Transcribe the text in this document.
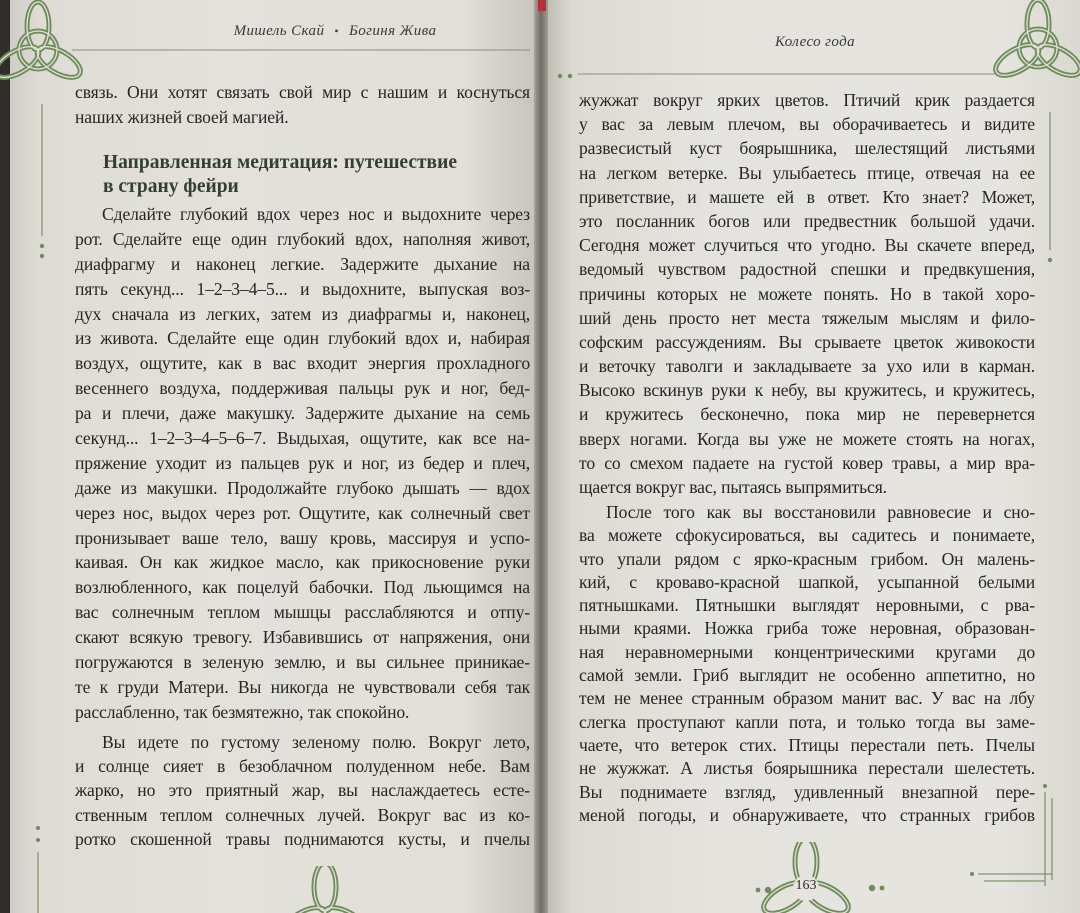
Мишель Скай • Богиня Жива
Колесо года
связь. Они хотят связать свой мир с нашим и коснуться
наших жизней своей магией.
Направленная медитация: путешествие
в страну фейри
Сделайте глубокий вдох через нос и выдохните через
рот. Сделайте еще один глубокий вдох, наполняя живот,
диафрагму и наконец легкие. Задержите дыхание на
пять секунд... 1–2–3–4–5... и выдохните, выпуская воз-
дух сначала из легких, затем из диафрагмы и, наконец,
из живота. Сделайте еще один глубокий вдох и, набирая
воздух, ощутите, как в вас входит энергия прохладного
весеннего воздуха, поддерживая пальцы рук и ног, бед-
ра и плечи, даже макушку. Задержите дыхание на семь
секунд... 1–2–3–4–5–6–7. Выдыхая, ощутите, как все на-
пряжение уходит из пальцев рук и ног, из бедер и плеч,
даже из макушки. Продолжайте глубоко дышать — вдох
через нос, выдох через рот. Ощутите, как солнечный свет
пронизывает ваше тело, вашу кровь, массируя и успо-
каивая. Он как жидкое масло, как прикосновение руки
возлюбленного, как поцелуй бабочки. Под льющимся на
вас солнечным теплом мышцы расслабляются и отпу-
скают всякую тревогу. Избавившись от напряжения, они
погружаются в зеленую землю, и вы сильнее приникае-
те к груди Матери. Вы никогда не чувствовали себя так
расслабленно, так безмятежно, так спокойно.
Вы идете по густому зеленому полю. Вокруг лето,
и солнце сияет в безоблачном полуденном небе. Вам
жарко, но это приятный жар, вы наслаждаетесь есте-
ственным теплом солнечных лучей. Вокруг вас из ко-
ротко скошенной травы поднимаются кусты, и пчелы
жужжат вокруг ярких цветов. Птичий крик раздается
у вас за левым плечом, вы оборачиваетесь и видите
развесистый куст боярышника, шелестящий листьями
на легком ветерке. Вы улыбаетесь птице, отвечая на ее
приветствие, и машете ей в ответ. Кто знает? Может,
это посланник богов или предвестник большой удачи.
Сегодня может случиться что угодно. Вы скачете вперед,
ведомый чувством радостной спешки и предвкушения,
причины которых не можете понять. Но в такой хоро-
ший день просто нет места тяжелым мыслям и фило-
софским рассуждениям. Вы срываете цветок живокости
и веточку таволги и закладываете за ухо или в карман.
Высоко вскинув руки к небу, вы кружитесь, и кружитесь,
и кружитесь бесконечно, пока мир не перевернется
вверх ногами. Когда вы уже не можете стоять на ногах,
то со смехом падаете на густой ковер травы, а мир вра-
щается вокруг вас, пытаясь выпрямиться.
После того как вы восстановили равновесие и сно-
ва можете сфокусироваться, вы садитесь и понимаете,
что упали рядом с ярко-красным грибом. Он малень-
кий, с кроваво-красной шапкой, усыпанной белыми
пятнышками. Пятнышки выглядят неровными, с рва-
ными краями. Ножка гриба тоже неровная, образован-
ная неравномерными концентрическими кругами до
самой земли. Гриб выглядит не особенно аппетитно, но
тем не менее странным образом манит вас. У вас на лбу
слегка проступают капли пота, и только тогда вы заме-
чаете, что ветерок стих. Птицы перестали петь. Пчелы
не жужжат. А листья боярышника перестали шелестеть.
Вы поднимаете взгляд, удивленный внезапной пере-
меной погоды, и обнаруживаете, что странных грибов
163
